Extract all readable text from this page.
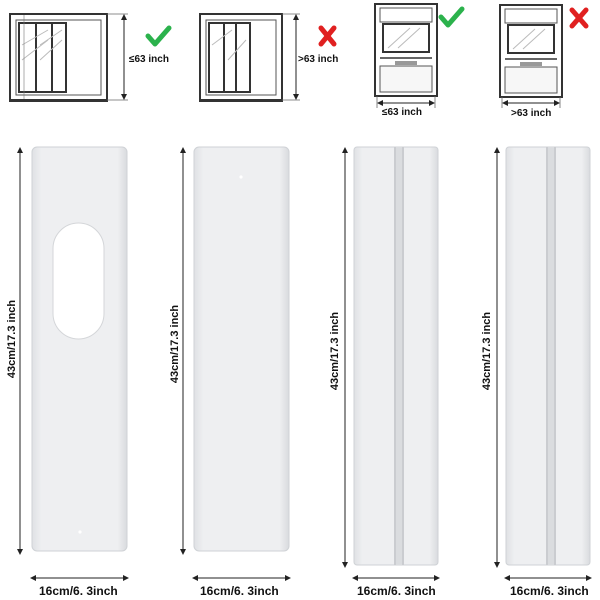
≤63 inch	>63 inch
≤63 inch	>63 inch
43cm/17.3 inch	43cm/17.3 inch	43cm/17.3 inch	43cm/17.3 inch
16cm/6. 3inch	16cm/6. 3inch	16cm/6. 3inch	16cm/6. 3inch
